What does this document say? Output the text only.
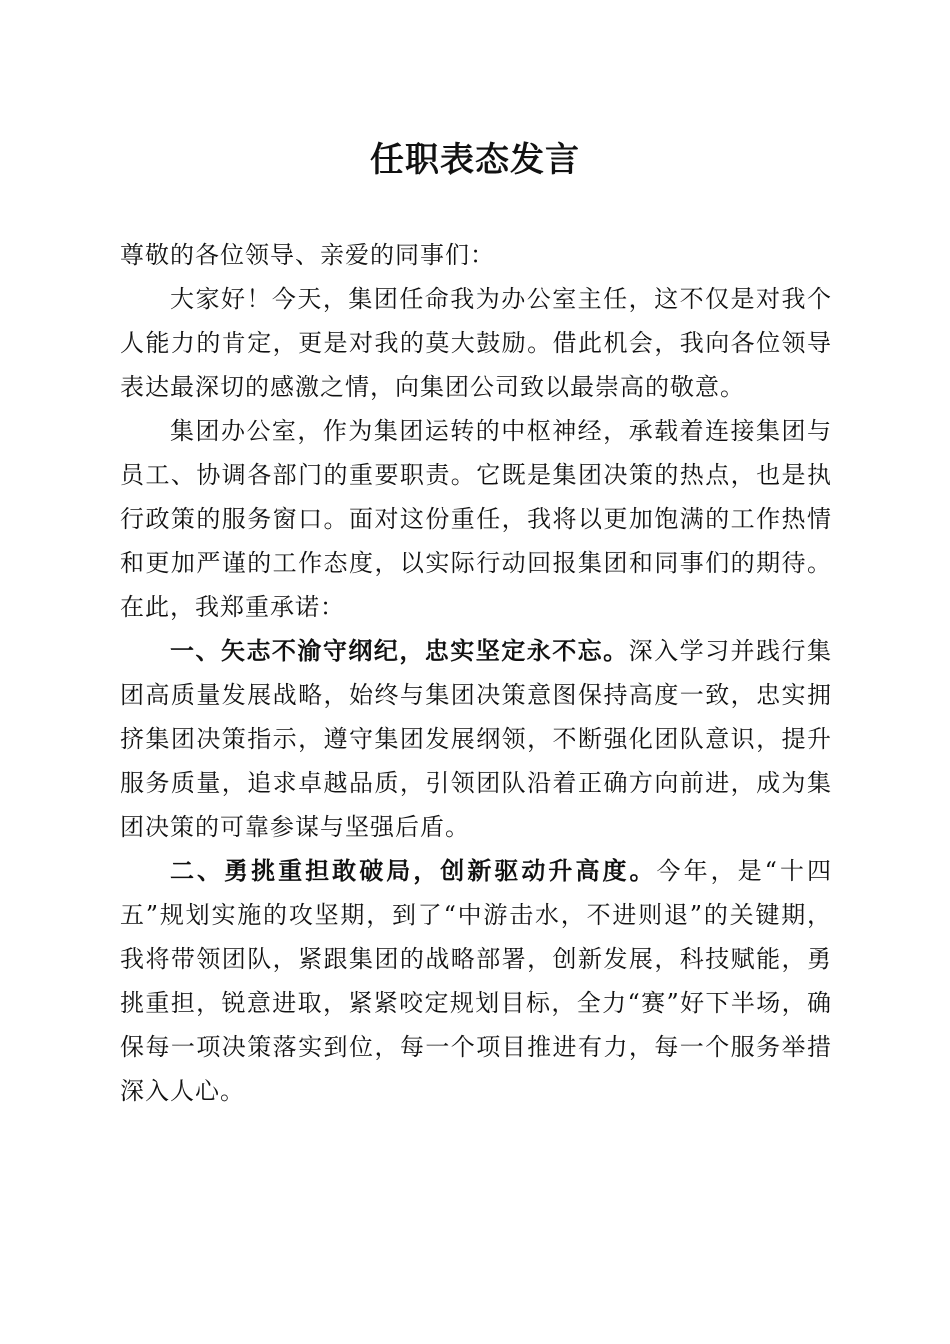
任职表态发言

尊敬的各位领导、亲爱的同事们：

大家好！今天，集团任命我为办公室主任，这不仅是对我个人能力的肯定，更是对我的莫大鼓励。借此机会，我向各位领导表达最深切的感激之情，向集团公司致以最崇高的敬意。

集团办公室，作为集团运转的中枢神经，承载着连接集团与员工、协调各部门的重要职责。它既是集团决策的热点，也是执行政策的服务窗口。面对这份重任，我将以更加饱满的工作热情和更加严谨的工作态度，以实际行动回报集团和同事们的期待。在此，我郑重承诺：

一、矢志不渝守纲纪，忠实坚定永不忘。深入学习并践行集团高质量发展战略，始终与集团决策意图保持高度一致，忠实拥挤集团决策指示，遵守集团发展纲领，不断强化团队意识，提升服务质量，追求卓越品质，引领团队沿着正确方向前进，成为集团决策的可靠参谋与坚强后盾。

二、勇挑重担敢破局，创新驱动升高度。今年，是“十四五”规划实施的攻坚期，到了“中游击水，不进则退”的关键期，我将带领团队，紧跟集团的战略部署，创新发展，科技赋能，勇挑重担，锐意进取，紧紧咬定规划目标，全力“赛”好下半场，确保每一项决策落实到位，每一个项目推进有力，每一个服务举措深入人心。
